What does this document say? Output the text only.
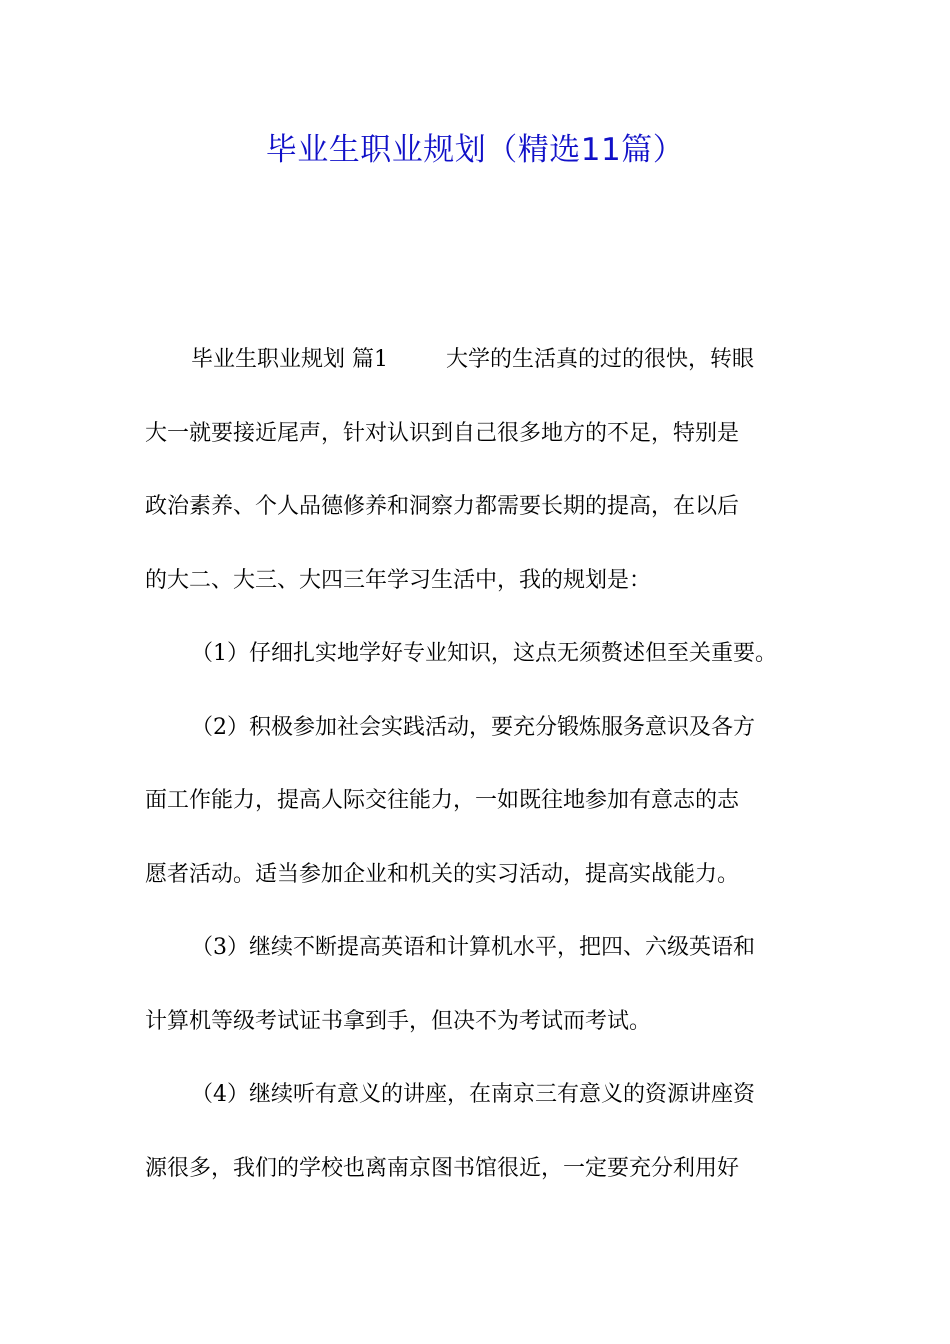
毕业生职业规划（精选11篇）
毕业生职业规划 篇1	大学的生活真的过的很快，转眼
大一就要接近尾声，针对认识到自己很多地方的不足，特别是
政治素养、个人品德修养和洞察力都需要长期的提高，在以后
的大二、大三、大四三年学习生活中，我的规划是：
（1）仔细扎实地学好专业知识，这点无须赘述但至关重要。
（2）积极参加社会实践活动，要充分锻炼服务意识及各方
面工作能力，提高人际交往能力，一如既往地参加有意志的志
愿者活动。适当参加企业和机关的实习活动，提高实战能力。
（3）继续不断提高英语和计算机水平，把四、六级英语和
计算机等级考试证书拿到手，但决不为考试而考试。
（4）继续听有意义的讲座，在南京三有意义的资源讲座资
源很多，我们的学校也离南京图书馆很近，一定要充分利用好
